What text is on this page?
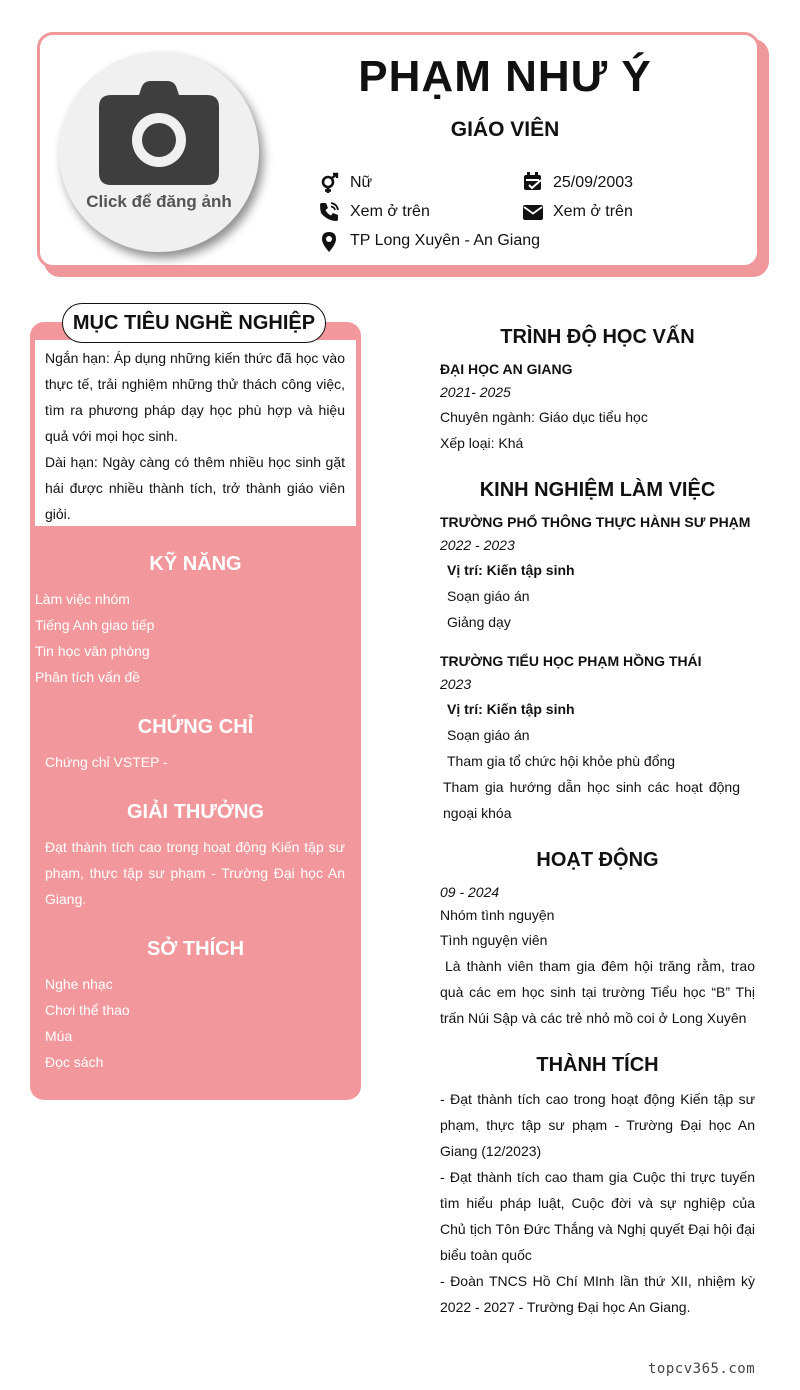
Click để đăng ảnh
PHẠM NHƯ Ý
GIÁO VIÊN
Nữ	25/09/2003
Xem ở trên	Xem ở trên
TP Long Xuyên - An Giang
MỤC TIÊU NGHỀ NGHIỆP
Ngắn hạn: Áp dụng những kiến thức đã học vào thực tế, trải nghiệm những thử thách công việc, tìm ra phương pháp dạy học phù hợp và hiệu quả với mọi học sinh.
Dài hạn: Ngày càng có thêm nhiều học sinh gặt hái được nhiều thành tích, trở thành giáo viên giỏi.
KỸ NĂNG
Làm việc nhóm
Tiếng Anh giao tiếp
Tin học văn phòng
Phân tích vấn đề
CHỨNG CHỈ
Chứng chỉ VSTEP -
GIẢI THƯỞNG
Đạt thành tích cao trong hoạt động Kiến tập sư phạm, thực tập sư phạm - Trường Đại học An Giang.
SỞ THÍCH
Nghe nhạc
Chơi thể thao
Múa
Đọc sách
TRÌNH ĐỘ HỌC VẤN
ĐẠI HỌC AN GIANG
2021- 2025
Chuyên ngành: Giáo dục tiểu học
Xếp loại: Khá
KINH NGHIỆM LÀM VIỆC
TRƯỜNG PHỔ THÔNG THỰC HÀNH SƯ PHẠM
2022 - 2023
Vị trí: Kiến tập sinh
Soạn giáo án
Giảng dạy
TRƯỜNG TIỂU HỌC PHẠM HỒNG THÁI
2023
Vị trí: Kiến tập sinh
Soạn giáo án
Tham gia tổ chức hội khỏe phù đổng
Tham gia hướng dẫn học sinh các hoạt động ngoại khóa
HOẠT ĐỘNG
09 - 2024
Nhóm tình nguyện
Tình nguyện viên
Là thành viên tham gia đêm hội trăng rằm, trao quà các em học sinh tại trường Tiểu học “B” Thị trấn Núi Sập và các trẻ nhỏ mồ coi ở Long Xuyên
THÀNH TÍCH
- Đạt thành tích cao trong hoạt động Kiến tập sư phạm, thực tập sư phạm - Trường Đại học An Giang (12/2023)
- Đạt thành tích cao tham gia Cuộc thi trực tuyến tìm hiểu pháp luật, Cuộc đời và sự nghiệp của Chủ tịch Tôn Đức Thắng và Nghị quyết Đại hội đại biểu toàn quốc
- Đoàn TNCS Hồ Chí MInh lần thứ XII, nhiệm kỳ 2022 - 2027 - Trường Đại học An Giang.
topcv365.com
